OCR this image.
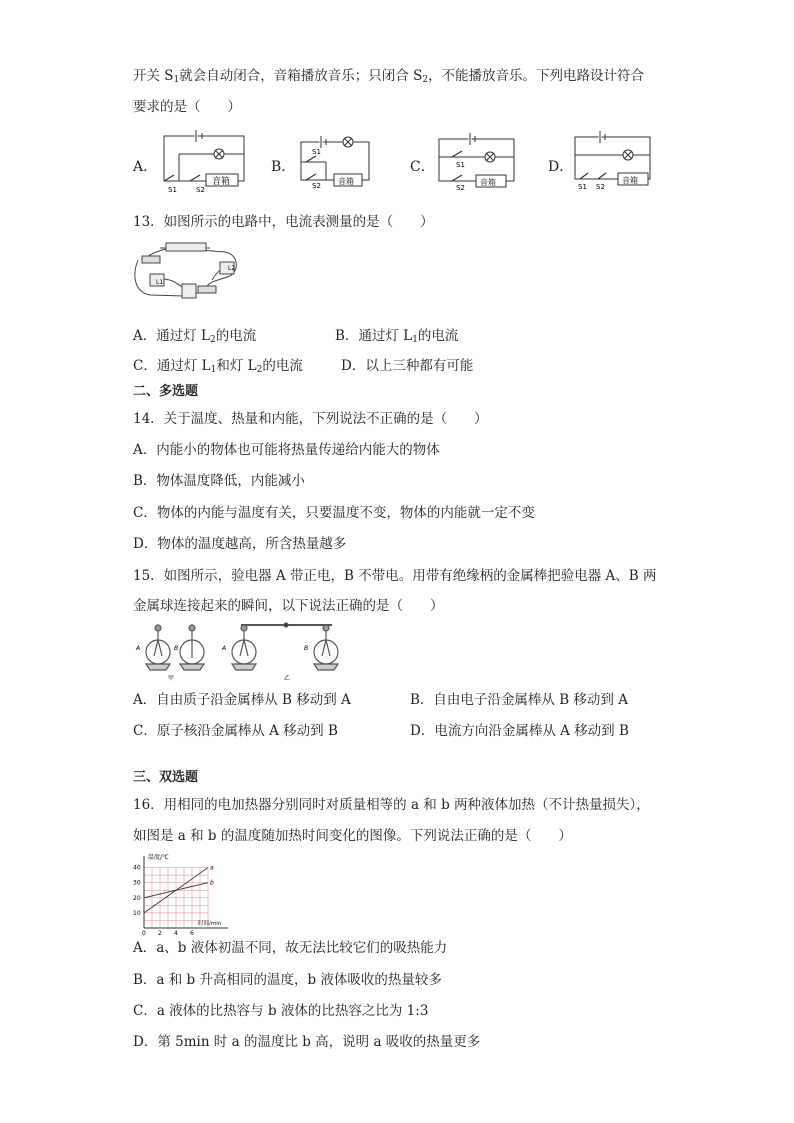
开关 $S_1$就会自动闭合，音箱播放音乐；只闭合 $S_2$，不能播放音乐。下列电路设计符合
要求的是（　　）
A．	B．	C．	D．
音箱
S1	S2
音箱
S1
S2	音箱
S1
S2
音箱
S1 S2
13．如图所示的电路中，电流表测量的是（　　）
L1
L2
A．通过灯 $L_2$的电流	B．通过灯 $L_1$的电流
C．通过灯 $L_1$和灯 $L_2$的电流	D．以上三种都有可能
二、多选题
14．关于温度、热量和内能，下列说法不正确的是（　　）
A．内能小的物体也可能将热量传递给内能大的物体
B．物体温度降低，内能减小
C．物体的内能与温度有关，只要温度不变，物体的内能就一定不变
D．物体的温度越高，所含热量越多
15．如图所示，验电器 A 带正电，B 不带电。用带有绝缘柄的金属棒把验电器 A、B 两
金属球连接起来的瞬间，以下说法正确的是（　　）
A	B	A	B
甲	乙
A．自由质子沿金属棒从 B 移动到 A	B．自由电子沿金属棒从 B 移动到 A
C．原子核沿金属棒从 A 移动到 B	D．电流方向沿金属棒从 A 移动到 B
三、双选题
16．用相同的电加热器分别同时对质量相等的 a 和 b 两种液体加热（不计热量损失），
如图是 a 和 b 的温度随加热时间变化的图像。下列说法正确的是（　　）
温度/℃
时间/min
10
20
30
40
0 2 4 6
a
b
A．a、b 液体初温不同，故无法比较它们的吸热能力
B．a 和 b 升高相同的温度，b 液体吸收的热量较多
C．a 液体的比热容与 b 液体的比热容之比为 1:3
D．第 5min 时 a 的温度比 b 高，说明 a 吸收的热量更多
